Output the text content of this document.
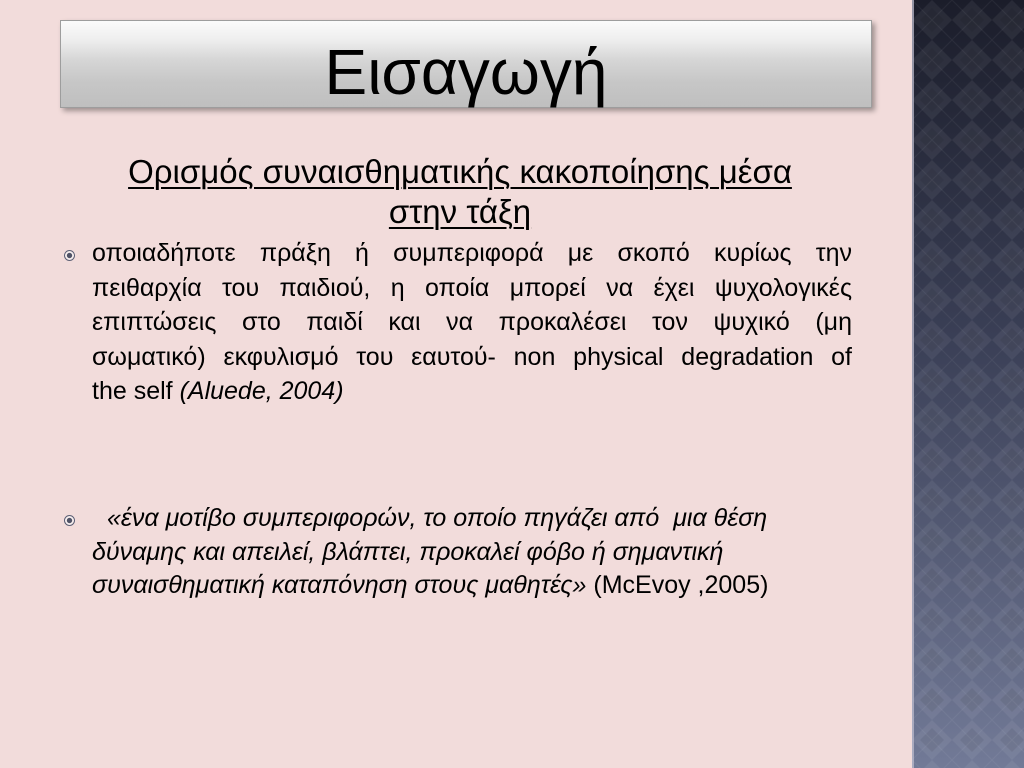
Εισαγωγή
Ορισμός συναισθηματικής κακοποίησης μέσα
στην τάξη
οποιαδήποτε πράξη ή συμπεριφορά με σκοπό κυρίως την
πειθαρχία του παιδιού, η οποία μπορεί να έχει ψυχολογικές
επιπτώσεις στο παιδί και να προκαλέσει τον ψυχικό (μη
σωματικό) εκφυλισμό του εαυτού- non physical degradation of
the self (Aluede, 2004)
«ένα μοτίβο συμπεριφορών, το οποίο πηγάζει από  μια θέση
δύναμης και απειλεί, βλάπτει, προκαλεί φόβο ή σημαντική
συναισθηματική καταπόνηση στους μαθητές» (McEvoy ,2005)
